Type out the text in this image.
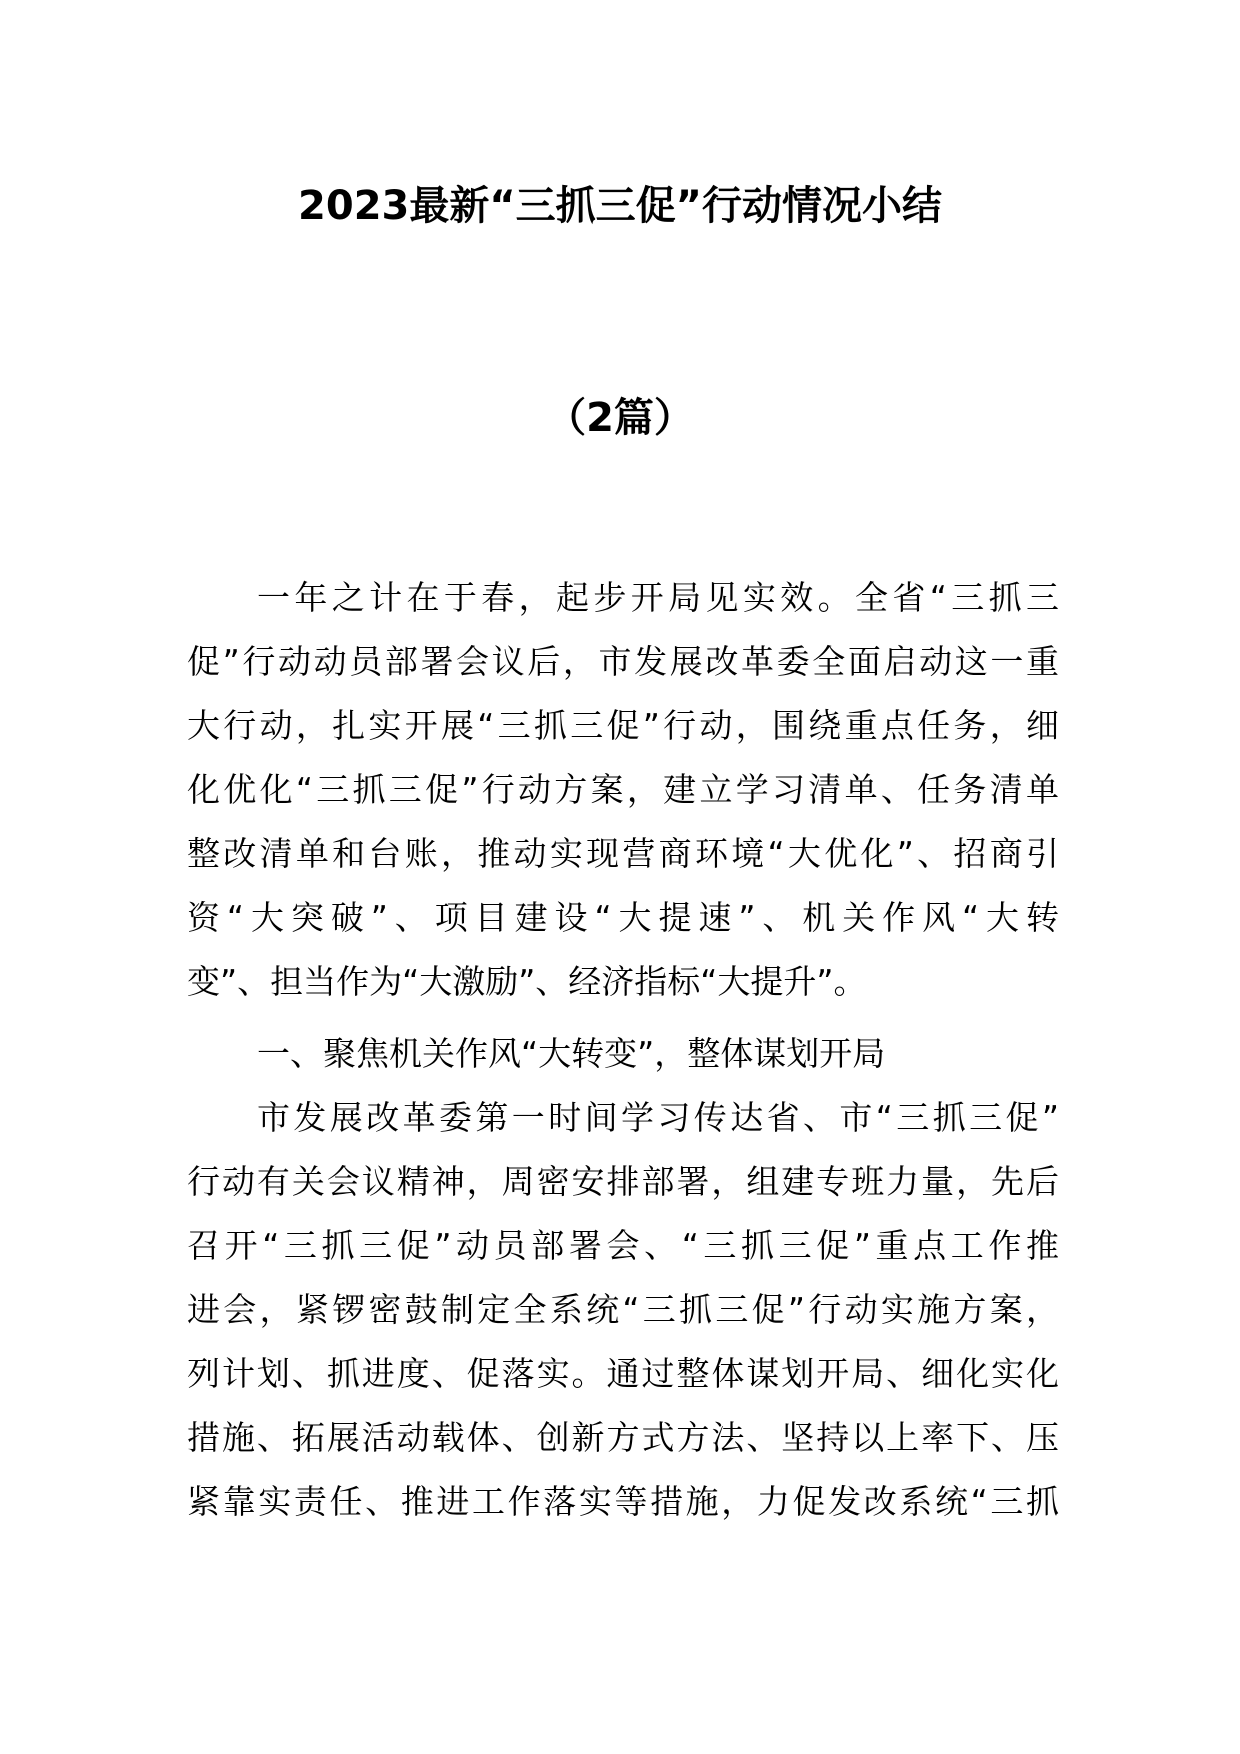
2023最新“三抓三促”行动情况小结
（2篇）
一年之计在于春，起步开局见实效。全省“三抓三
促”行动动员部署会议后，市发展改革委全面启动这一重
大行动，扎实开展“三抓三促”行动，围绕重点任务，细
化优化“三抓三促”行动方案，建立学习清单、任务清单
整改清单和台账，推动实现营商环境“大优化”、招商引
资“大突破”、项目建设“大提速”、机关作风“大转
变”、担当作为“大激励”、经济指标“大提升”。
一、聚焦机关作风“大转变”，整体谋划开局
市发展改革委第一时间学习传达省、市“三抓三促”
行动有关会议精神，周密安排部署，组建专班力量，先后
召开“三抓三促”动员部署会、“三抓三促”重点工作推
进会，紧锣密鼓制定全系统“三抓三促”行动实施方案，
列计划、抓进度、促落实。通过整体谋划开局、细化实化
措施、拓展活动载体、创新方式方法、坚持以上率下、压
紧靠实责任、推进工作落实等措施，力促发改系统“三抓
